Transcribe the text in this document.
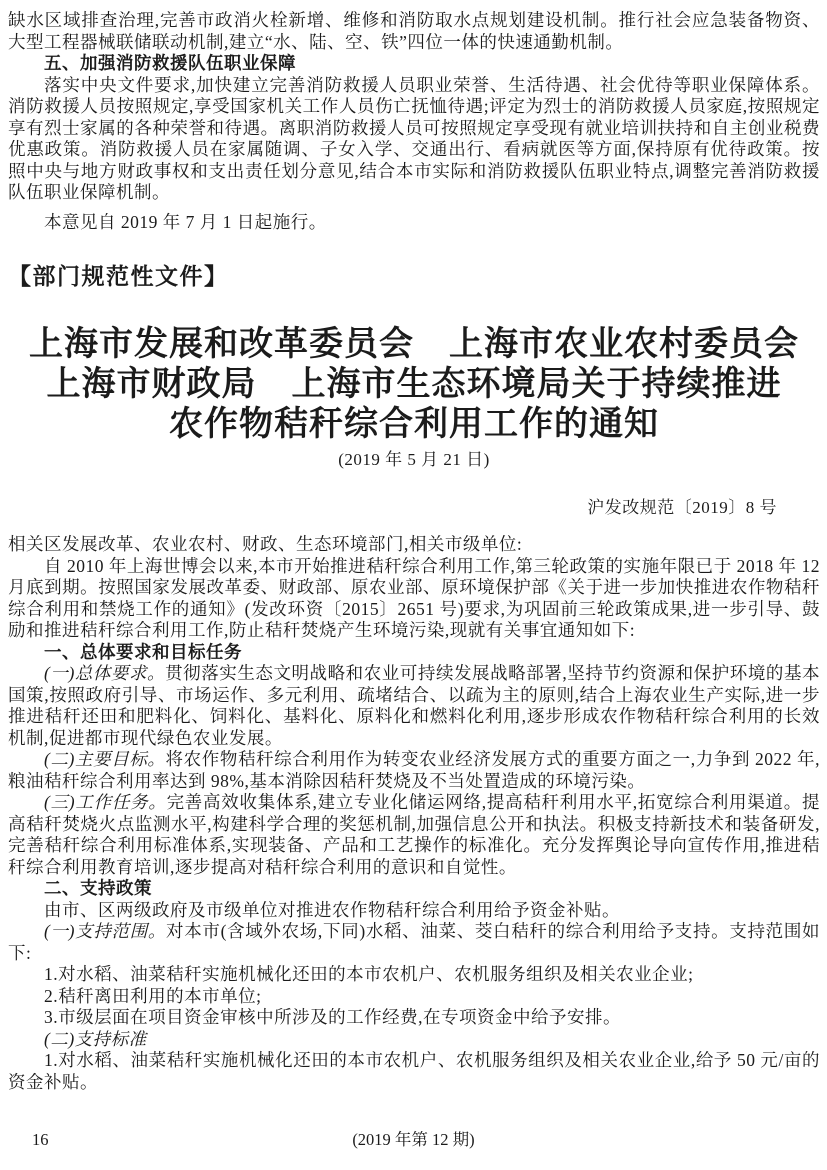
缺水区域排查治理,完善市政消火栓新增、维修和消防取水点规划建设机制。推行社会应急装备物资、大型工程器械联储联动机制,建立“水、陆、空、铁”四位一体的快速通勤机制。

五、加强消防救援队伍职业保障

落实中央文件要求,加快建立完善消防救援人员职业荣誉、生活待遇、社会优待等职业保障体系。消防救援人员按照规定,享受国家机关工作人员伤亡抚恤待遇;评定为烈士的消防救援人员家庭,按照规定享有烈士家属的各种荣誉和待遇。离职消防救援人员可按照规定享受现有就业培训扶持和自主创业税费优惠政策。消防救援人员在家属随调、子女入学、交通出行、看病就医等方面,保持原有优待政策。按照中央与地方财政事权和支出责任划分意见,结合本市实际和消防救援队伍职业特点,调整完善消防救援队伍职业保障机制。

本意见自 2019 年 7 月 1 日起施行。

【部门规范性文件】
上海市发展和改革委员会　上海市农业农村委员会
上海市财政局　上海市生态环境局关于持续推进
农作物秸秆综合利用工作的通知

(2019 年 5 月 21 日)

沪发改规范〔2019〕8 号

相关区发展改革、农业农村、财政、生态环境部门,相关市级单位:

自 2010 年上海世博会以来,本市开始推进秸秆综合利用工作,第三轮政策的实施年限已于 2018 年 12 月底到期。按照国家发展改革委、财政部、原农业部、原环境保护部《关于进一步加快推进农作物秸秆综合利用和禁烧工作的通知》(发改环资〔2015〕2651 号)要求,为巩固前三轮政策成果,进一步引导、鼓励和推进秸秆综合利用工作,防止秸秆焚烧产生环境污染,现就有关事宜通知如下:

一、总体要求和目标任务

(一)总体要求。贯彻落实生态文明战略和农业可持续发展战略部署,坚持节约资源和保护环境的基本国策,按照政府引导、市场运作、多元利用、疏堵结合、以疏为主的原则,结合上海农业生产实际,进一步推进秸秆还田和肥料化、饲料化、基料化、原料化和燃料化利用,逐步形成农作物秸秆综合利用的长效机制,促进都市现代绿色农业发展。

(二)主要目标。将农作物秸秆综合利用作为转变农业经济发展方式的重要方面之一,力争到 2022 年,粮油秸秆综合利用率达到 98%,基本消除因秸秆焚烧及不当处置造成的环境污染。

(三)工作任务。完善高效收集体系,建立专业化储运网络,提高秸秆利用水平,拓宽综合利用渠道。提高秸秆焚烧火点监测水平,构建科学合理的奖惩机制,加强信息公开和执法。积极支持新技术和装备研发,完善秸秆综合利用标准体系,实现装备、产品和工艺操作的标准化。充分发挥舆论导向宣传作用,推进秸秆综合利用教育培训,逐步提高对秸秆综合利用的意识和自觉性。

二、支持政策

由市、区两级政府及市级单位对推进农作物秸秆综合利用给予资金补贴。

(一)支持范围。对本市(含域外农场,下同)水稻、油菜、茭白秸秆的综合利用给予支持。支持范围如下:

1.对水稻、油菜秸秆实施机械化还田的本市农机户、农机服务组织及相关农业企业;

2.秸秆离田利用的本市单位;

3.市级层面在项目资金审核中所涉及的工作经费,在专项资金中给予安排。

(二)支持标准

1.对水稻、油菜秸秆实施机械化还田的本市农机户、农机服务组织及相关农业企业,给予 50 元/亩的资金补贴。

16	(2019 年第 12 期)
